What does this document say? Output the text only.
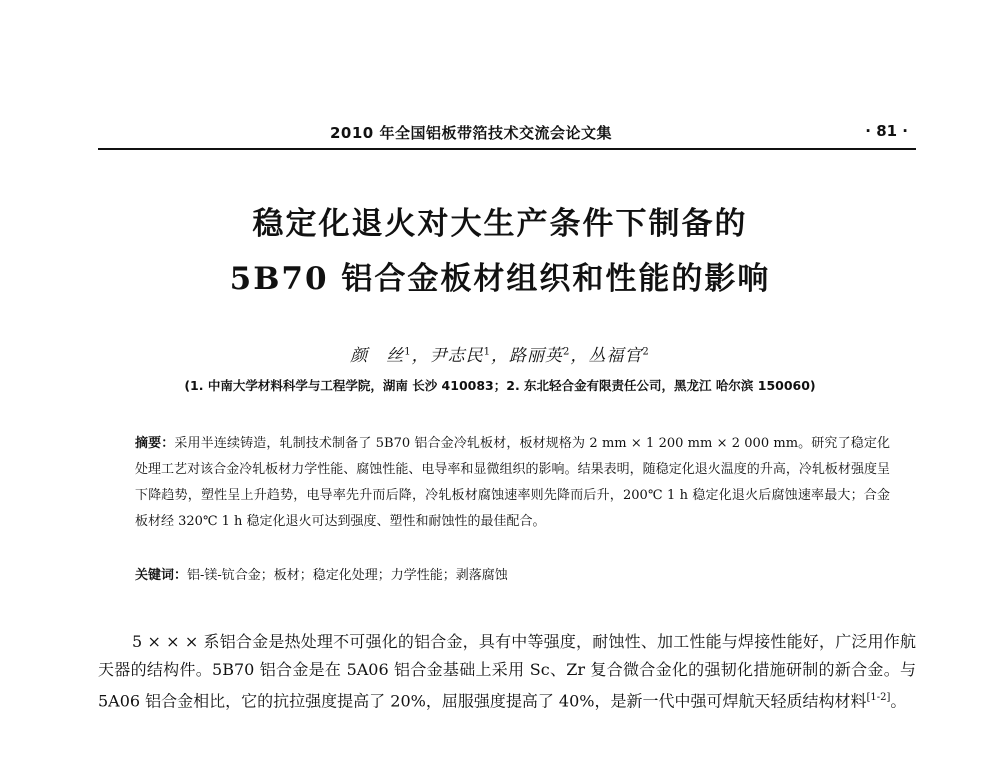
2010 年全国铝板带箔技术交流会论文集	· 81 ·
稳定化退火对大生产条件下制备的
5B70 铝合金板材组织和性能的影响
颜　丝$^1$，尹志民$^1$，路丽英$^2$，丛福官$^2$
(1. 中南大学材料科学与工程学院，湖南 长沙 410083；2. 东北轻合金有限责任公司，黑龙江 哈尔滨 150060)
摘要：采用半连续铸造，轧制技术制备了 5B70 铝合金冷轧板材，板材规格为 2 mm × 1 200 mm × 2 000 mm。研究了稳定化处理工艺对该合金冷轧板材力学性能、腐蚀性能、电导率和显微组织的影响。结果表明，随稳定化退火温度的升高，冷轧板材强度呈下降趋势，塑性呈上升趋势，电导率先升而后降，冷轧板材腐蚀速率则先降而后升，200℃ 1 h 稳定化退火后腐蚀速率最大；合金板材经 320℃ 1 h 稳定化退火可达到强度、塑性和耐蚀性的最佳配合。
关键词：铝-镁-钪合金；板材；稳定化处理；力学性能；剥落腐蚀
5 × × × 系铝合金是热处理不可强化的铝合金，具有中等强度，耐蚀性、加工性能与焊接性能好，广泛用作航天器的结构件。5B70 铝合金是在 5A06 铝合金基础上采用 Sc、Zr 复合微合金化的强韧化措施研制的新合金。与 5A06 铝合金相比，它的抗拉强度提高了 20%，屈服强度提高了 40%，是新一代中强可焊航天轻质结构材料[1-2]。
